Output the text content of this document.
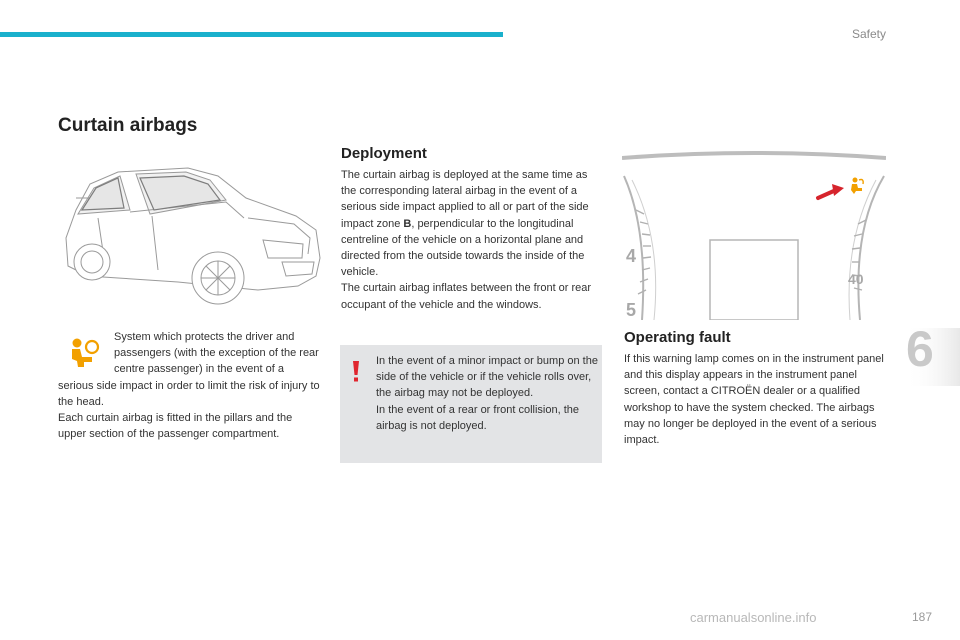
Safety
6
Curtain airbags
System which protects the driver and passengers (with the exception of the rear centre passenger) in the event of a serious side impact in order to limit the risk of injury to the head.
Each curtain airbag is fitted in the pillars and the upper section of the passenger compartment.
Deployment

The curtain airbag is deployed at the same time as the corresponding lateral airbag in the event of a serious side impact applied to all or part of the side impact zone B, perpendicular to the longitudinal centreline of the vehicle on a horizontal plane and directed from the outside towards the inside of the vehicle.
The curtain airbag inflates between the front or rear occupant of the vehicle and the windows.

In the event of a minor impact or bump on the side of the vehicle or if the vehicle rolls over, the airbag may not be deployed.
In the event of a rear or front collision, the airbag is not deployed.

4
5
40
Operating fault

If this warning lamp comes on in the instrument panel and this display appears in the instrument panel screen, contact a CITROËN dealer or a qualified workshop to have the system checked. The airbags may no longer be deployed in the event of a serious impact.

carmanualsonline.info	187
